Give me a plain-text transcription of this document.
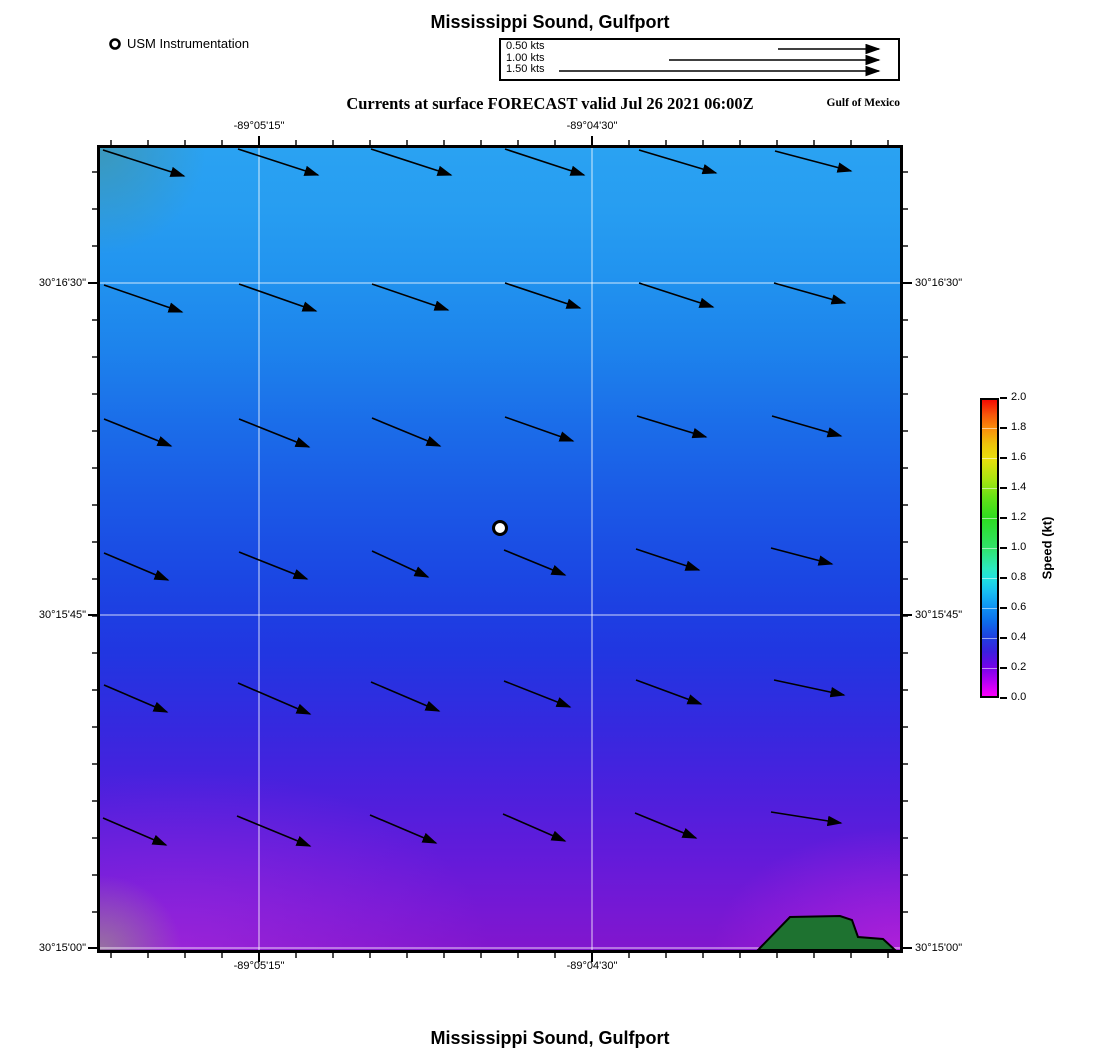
Mississippi Sound, Gulfport
USM Instrumentation	0.50 kts
1.00 kts
1.50 kts
Currents at surface FORECAST valid Jul 26 2021 06:00Z	Gulf of Mexico
Speed (kt)
Mississippi Sound, Gulfport
-89°05'15"
-89°05'15"
-89°04'30"
-89°04'30"
30°16'30"	30°16'30"
30°15'45"	30°15'45"
30°15'00"	30°15'00"
2.0
1.8
1.6
1.4
1.2
1.0
0.8
0.6
0.4
0.2
0.0
